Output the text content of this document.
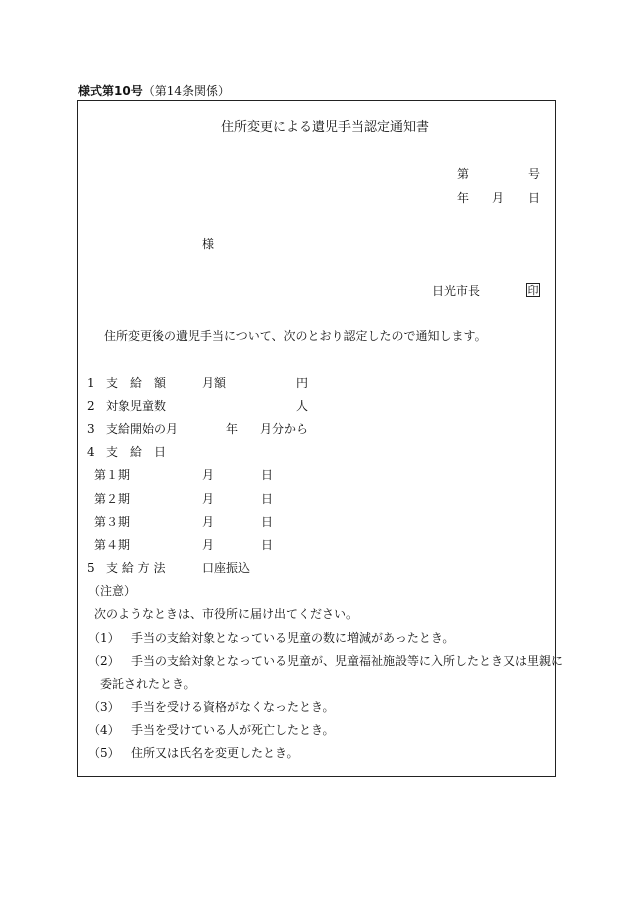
様式第10号（第14条関係）
住所変更による遺児手当認定通知書
第	号
年 月 日
様
日光市長	印
住所変更後の遺児手当について、次のとおり認定したので通知します。
1 支　給　額	月額	円
2 対象児童数	人
3 支給開始の月	年 月分から
4 支　給　日
第１期	月	日
第２期	月	日
第３期	月	日
第４期	月	日
5 支 給 方 法	口座振込
（注意）
次のようなときは、市役所に届け出てください。
（1） 手当の支給対象となっている児童の数に増減があったとき。
（2） 手当の支給対象となっている児童が、児童福祉施設等に入所したとき又は里親に
委託されたとき。
（3） 手当を受ける資格がなくなったとき。
（4） 手当を受けている人が死亡したとき。
（5） 住所又は氏名を変更したとき。
